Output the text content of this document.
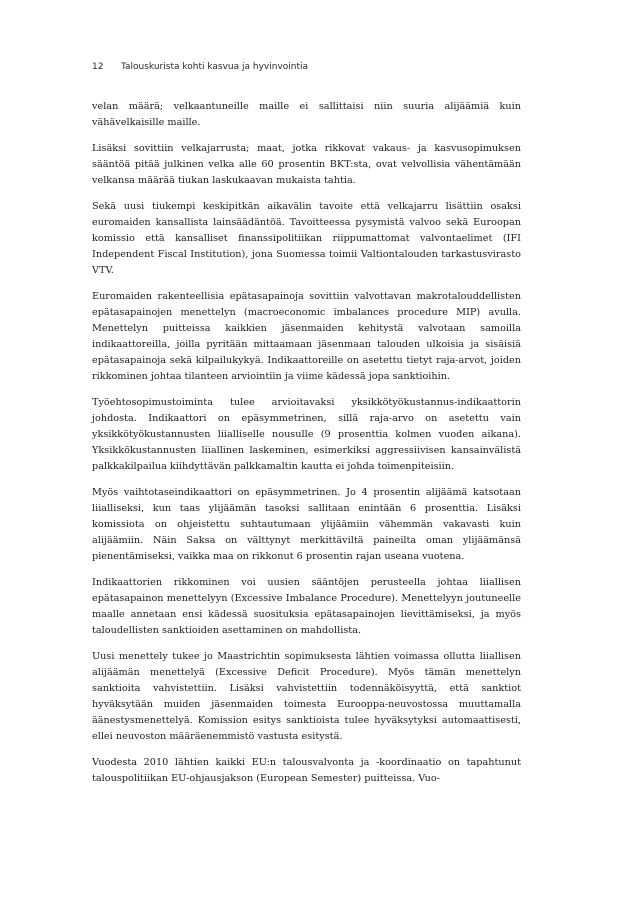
12 Talouskurista kohti kasvua ja hyvinvointia

velan määrä; velkaantuneille maille ei sallittaisi niin suuria alijäämiä kuin vähävelkaisille maille.

Lisäksi sovittiin velkajarrusta; maat, jotka rikkovat vakaus- ja kasvusopimuksen sääntöä pitää julkinen velka alle 60 prosentin BKT:sta, ovat velvollisia vähentämään velkansa määrää tiukan laskukaavan mukaista tahtia.

Sekä uusi tiukempi keskipitkän aikavälin tavoite että velkajarru lisättiin osaksi euromaiden kansallista lainsäädäntöä. Tavoitteessa pysymistä valvoo sekä Euroopan komissio että kansalliset finanssipolitiikan riippumattomat valvontaelimet (IFI Independent Fiscal Institution), jona Suomessa toimii Valtiontalouden tarkastusvirasto VTV.

Euromaiden rakenteellisia epätasapainoja sovittiin valvottavan makrotalouddellisten epätasapainojen menettelyn (macroeconomic imbalances procedure MIP) avulla. Menettelyn puitteissa kaikkien jäsenmaiden kehitystä valvotaan samoilla indikaattoreilla, joilla pyritään mittaamaan jäsenmaan talouden ulkoisia ja sisäisiä epätasapainoja sekä kilpailukykyä. Indikaattoreille on asetettu tietyt raja-arvot, joiden rikkominen johtaa tilanteen arviointiin ja viime kädessä jopa sanktioihin.

Työehtosopimustoiminta tulee arvioitavaksi yksikkötyökustannus-indikaattorin johdosta. Indikaattori on epäsymmetrinen, sillä raja-arvo on asetettu vain yksikkötyökustannusten liialliselle nousulle (9 prosenttia kolmen vuoden aikana). Yksikkökustannusten liiallinen laskeminen, esimerkiksi aggressiivisen kansainvälistä palkkakilpailua kiihdyttävän palkkamaltin kautta ei johda toimenpiteisiin.

Myös vaihtotaseindikaattori on epäsymmetrinen. Jo 4 prosentin alijäämä katsotaan liialliseksi, kun taas ylijäämän tasoksi sallitaan enintään 6 prosenttia. Lisäksi komissiota on ohjeistettu suhtautumaan ylijäämiin vähemmän vakavasti kuin alijäämiin. Näin Saksa on välttynyt merkittäviltä paineilta oman ylijäämänsä pienentämiseksi, vaikka maa on rikkonut 6 prosentin rajan useana vuotena.

Indikaattorien rikkominen voi uusien sääntöjen perusteella johtaa liiallisen epätasapainon menettelyyn (Excessive Imbalance Procedure). Menettelyyn joutuneelle maalle annetaan ensi kädessä suosituksia epätasapainojen lievittämiseksi, ja myös taloudellisten sanktioiden asettaminen on mahdollista.

Uusi menettely tukee jo Maastrichtin sopimuksesta lähtien voimassa ollutta liiallisen alijäämän menettelyä (Excessive Deficit Procedure). Myös tämän menettelyn sanktioita vahvistettiin. Lisäksi vahvistettiin todennäköisyyttä, että sanktiot hyväksytään muiden jäsenmaiden toimesta Eurooppa-neuvostossa muuttamalla äänestysmenettelyä. Komission esitys sanktioista tulee hyväksytyksi automaattisesti, ellei neuvoston määräenemmistö vastusta esitystä.

Vuodesta 2010 lähtien kaikki EU:n talousvalvonta ja -koordinaatio on tapahtunut talouspolitiikan EU-ohjausjakson (European Semester) puitteissa. Vuo-
